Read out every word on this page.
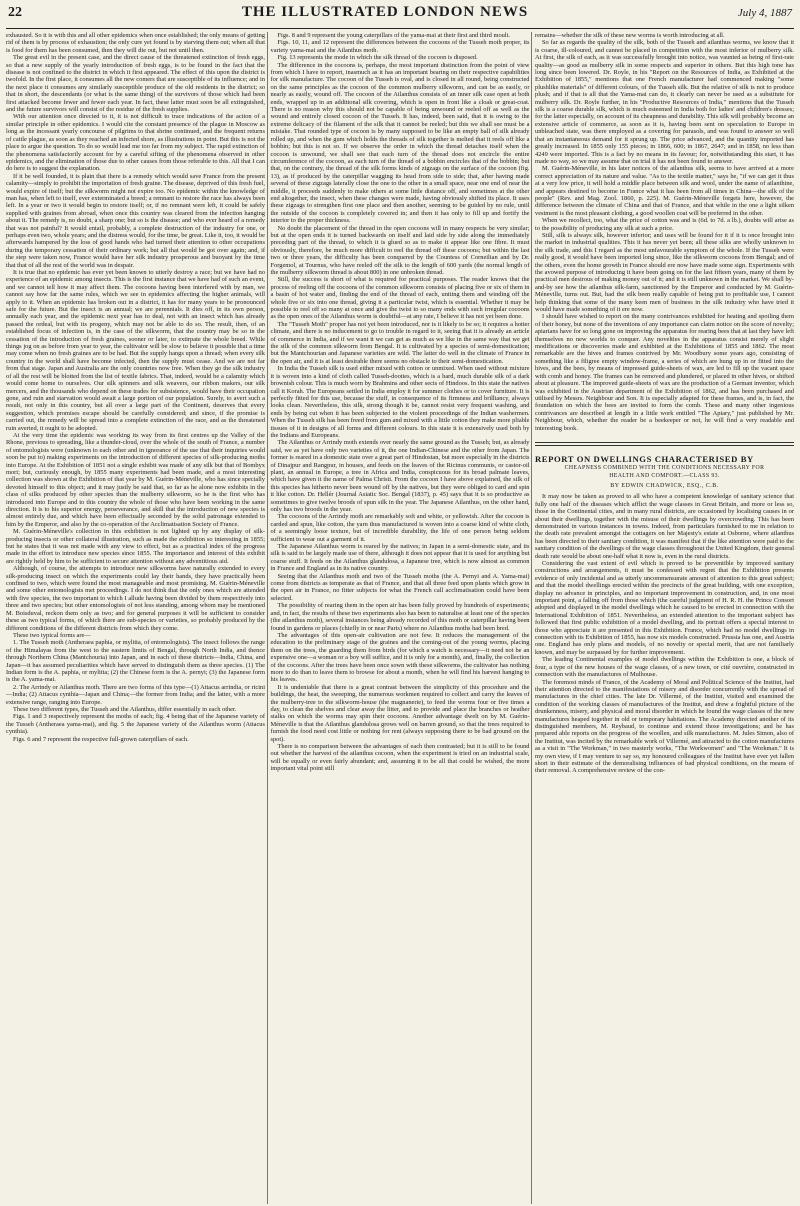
22	THE ILLUSTRATED LONDON NEWS	July 4, 1887

exhausted. So it is with this and all other epidemics when once established; the only means of getting rid of them is by process of exhaustion; the only cure yet found is by starving them out; when all that is food for them has been consumed, then they will die out, but not until then.

The great evil in the present case, and the direct cause of the threatened extinction of fresh eggs, so that a new supply of the yearly introduction of fresh eggs, is to be found in the fact that the disease is not confined to the district in which it first appeared. The effect of this upon the district is twofold. In the first place, it consumes all the new comers that are susceptible of its influence; and in the next place it consumes any similarly susceptible produce of the old residents in the district; so that in short, the descendants (or what is the same thing) of the survivors of those which had been first attacked become fewer and fewer each year. In fact, these latter must soon be all extinguished, and the future survivors will consist of the residue of the fresh supplies.

With our attention once directed to it, it is not difficult to trace indications of the action of a similar principle in other epidemics. I would cite the constant presence of the plague in Moscow as long as the incessant yearly concourse of pilgrims to that shrine continued, and the frequent returns of cattle plague, as soon as they reached an infected shore, as illustrations in point. But this is not the place to argue the question. To do so would lead me too far from my subject. The rapid extinction of the phenomena satisfactorily account for by a careful sifting of the phenomena observed in other epidemics, and the elimination of those due to other causes from those referable to this. All that I can do here is to suggest the explanation.

If it be well founded, it is plain that there is a remedy which would save France from the present calamity—simply to prohibit the importation of fresh graine. The disease, deprived of this fresh fuel, would expire of itself; but the silkworm might not expire too. No epidemic within the knowledge of man has, when left to itself, ever exterminated a breed; a remnant to restore the race has always been left. In a year or two it would begin to restore itself; or, if no remnant were left, it could be safely supplied with graines from abroad, when once this country was cleared from the infection hanging about it. The remedy is, no doubt, a sharp one; but so is the disease; and who ever heard of a remedy that was not painful? It would entail, probably, a complete destruction of the industry for one, or perhaps even two, whole years; and the distress would, for the time, be great. Like it, too, it would be afterwards hampered by the loss of good hands who had turned their attention to other occupations during the temporary cessation of their ordinary work; but all that would be got over again; and, if the step were taken now, France would have her silk industry prosperous and buoyant by the time that that of all the rest of the world was in despair.

It is true that no epidemic has ever yet been known to utterly destroy a race; but we have had no experience of an epidemic among insects. This is the first instance that we have had of such an event, and we cannot tell how it may affect them. The cocoons having been interfered with by man, we cannot say how far the same rules, which we see in epidemics affecting the higher animals, will apply to it. When an epidemic has broken out in a district, it has for many years to be pronounced safe for the future. But the insect is an annual; we are perennials. It dies off, in its own person, annually each year, and the epidemic next year has to deal, not with an insect which has already passed the ordeal, but with its progeny, which may not be able to do so. The result, then, of an established focus of infection is, in the case of the silkworm, that the country may be so in the cessation of the introduction of fresh graines, sooner or later, to extirpate the whole breed. While things jog on as before from year to year, the cultivator will be slow to believe it possible that a time may come when no fresh graines are to be had. But the supply hangs upon a thread; when every silk country in the world shall have become infected, then the supply must cease. And we are not far from that stage. Japan and Australia are the only countries now free. When they go the silk industry of all the rest will be blotted from the list of textile fabrics. That, indeed, would be a calamity which would come home to ourselves. Our silk spinners and silk weavers, our ribbon makers, our silk mercers, and the thousands who depend on these trades for subsistence, would have their occupation gone, and ruin and starvation would await a large portion of our population. Surely, to avert such a result, not only in this country, but all over a large part of the Continent, deserves that every suggestion, which promises escape should be carefully considered; and since, if the promise is carried out, the remedy will be spread into a complete extinction of the race, and as the threatened ruin averted, it ought to be adopted.

At the very time the epidemic was working its way from its first centres up the Valley of the Rhone, previous to spreading, like a thunder-cloud, over the whole of the south of France, a number of entomologists were (unknown to each other and in ignorance of the use that their inquiries would soon be put to) making experiments on the introduction of different species of silk-producing moths into Europe. At the Exhibition of 1851 not a single exhibit was made of any silk but that of Bombyx mori; but, curiously enough, by 1855 many experiments had been made, and a most interesting collection was shown at the Exhibition of that year by M. Guérin-Méneville, who has since specially devoted himself to this object; and it may justly be said that, so far as he alone now exhibits in the class of silks produced by other species than the mulberry silkworm, so he is the first who has introduced into Europe and to this country the whole of those who have been working in the same direction. It is to his superior energy, perseverance, and skill that the introduction of new species is almost entirely due, and which have been effectually seconded by the solid patronage extended to him by the Emperor, and also by the co-operation of the Acclimatisation Society of France.

M. Guérin-Méneville's collection in this exhibition is not lighted up by any display of silk-producing insects or other collateral illustration, such as made the exhibition so interesting in 1855; but he states that it was not made with any view to effect, but as a practical index of the progress made in the effort to introduce new species since 1855. The importance and interest of this exhibit are rightly held by him to be sufficient to secure attention without any adventitious aid.

Although, of course, the attempts to introduce new silkworms have naturally extended to every silk-producing insect on which the experiments could lay their hands, they have practically been confined to two, which were found the most manageable and most promising. M. Guérin-Méneville and some other entomologists met proceedings. I do not think that the only ones which are attended with five species, the two important to which I allude having been divided by them respectively into three and two species; but other entomologists of not less standing, among whom may be mentioned M. Boisduval, reckon them only as two; and for general purposes it will be sufficient to consider these as two typical forms, of which there are sub-species or varieties, so probably produced by the different conditions of the different districts from which they come.

These two typical forms are—

1. The Tusseh moth (Antheraea paphia, or mylitta, of entomologists). The insect follows the range of the Himalayas from the west to the eastern limits of Bengal, through North India, and thence through Northern China (Mantchouria) into Japan, and in each of these districts—India, China, and Japan—it has assumed peculiarities which have served to distinguish them as three species. (1) The Indian form is the A. paphia, or mylitta; (2) the Chinese form is the A. pernyi; (3) the Japanese form is the A. yama-mai.

2. The Arrindy or Ailanthus moth. There are two forms of this type—(1) Attacus arrindia, or ricini—India; (2) Attacus cynthia—Japan and China;—the former from India; and the latter, with a more extensive range, ranging into Europe.

These two different types, the Tusseh and the Ailanthus, differ essentially in each other.

Figs. 1 and 3 respectively represent the moths of each; fig. 4 being that of the Japanese variety of the Tusseh (Antheraea yama-mai), and fig. 5 the Japanese variety of the Ailanthus worm (Attacus cynthia).

Figs. 6 and 7 represent the respective full-grown caterpillars of each.

Figs. 8 and 9 represent the young caterpillars of the yama-mai at their first and third moult.

Figs. 10, 11, and 12 represent the differences between the cocoons of the Tusseh moth proper, its variety yama-mai and the Ailanthus moth.

Fig. 13 represents the mode in which the silk thread of the cocoon is disposed.

The difference in the cocoons is, perhaps, the most important distinction from the point of view from which I have to report, inasmuch as it has an important bearing on their respective capabilities for silk manufacture. The cocoon of the Tusseh is oval, and is closed in all round, being constructed on the same principles as the cocoon of the common mulberry silkworm, and can be as easily, or nearly as easily, wound off. The cocoon of the Ailanthus consists of an inner silk case open at both ends, wrapped up in an additional silk covering, which is open in front like a cloak or great-coat. There is no reason why this should not be capable of being unwound or reeled off as well as the wound and entirely closed cocoon of the Tusseh. It has, indeed, been said, that it is owing to the extreme delicacy of the filament of the silk that it cannot be reeled; but this we shall see must be a mistake. That rounded type of cocoon is by many supposed to be like an empty ball of silk already rolled up, and when the gum which holds the threads of silk together is melted that it reels off like a bobbin; but this is not so. If we observe the order in which the thread detaches itself when the cocoon is unwound, we shall see that each turn of the thread does not encircle the entire circumference of the cocoon, as each turn of the thread of a bobbin encircles that of the bobbin; but that, on the contrary, the thread of the silk forms kinds of zigzags on the surface of the cocoon (fig. 13), as if produced by the caterpillar wagging its head from side to side; that, after having made several of these zigzags laterally close the one to the other in a small space, near one end of near the middle, it proceeds suddenly to make others at some little distance off, and sometimes at the other end altogether, the insect, when these changes were made, having obviously shifted its place. It uses these zigzags to strengthen first one place and then another, seeming to be guided by no rule, until the outside of the cocoon is completely covered in; and then it has only to fill up and fortify the interior to the proper thickness.

No doubt the placement of the thread in the open cocoons will in many respects be very similar; but at the open ends it is turned backwards on itself and laid side by side along the immediately preceding part of the thread, to which it is glued so as to make it appear like one fibre. It must obviously, therefore, be much more difficult to reel the thread off these cocoons; but within the last two or three years, the difficulty has been conquered by the Countess of Corneilian and by Dr. Forgemol, at Tournus, who have reeled off the silk to the length of 600 yards (the normal length of the mulberry silkworm thread is about 800) in one unbroken thread.

Still, the success is short of what is required for practical purposes. The reader knows that the process of reeling off the cocoons of the common silkworm consists of placing five or six of them in a basin of hot water and, finding the end of the thread of each, uniting them and winding off the whole five or six into one thread, giving it a particular twist, which is essential. Whether it may be possible to reel off so many at once and give the twist to so many ends with such irregular cocoons as the open ones of the Ailanthus worm is doubtful—at any rate, I believe it has not yet been done.

The "Tusseh Moth" proper has not yet been introduced, nor is it likely to be so; it requires a hotter climate, and there is no inducement to go to trouble in regard to it, seeing that it is already an article of commerce in India, and if we want it we can get as much as we like in the same way that we get the silk of the common silkworm from Bengal. It is cultivated by a species of semi-domestication; but the Mantchourian and Japanese varieties are wild. The latter do well in the climate of France in the open air, and it is at least desirable there seems no obstacle to their semi-domestication.

In India the Tusseh silk is used either mixed with cotton or unmixed. When used without mixture it is woven into a kind of cloth called Tusseh-dooties, which is a hard, much durable silk of a dark brownish colour. This is much worn by Brahmins and other sects of Hindoos. In this state the natives call it Korah. The Europeans settled in India employ it for summer clothes or to cover furniture. It is perfectly fitted for this use, because the stuff, in consequence of its firmness and brilliancy, always looks clean. Nevertheless, this silk, strong though it be, cannot resist very frequent washing, and ends by being cut when it has been subjected to the violent proceedings of the Indian washermen. When the Tusseh silk has been freed from gum and mixed with a little cotton they make more pliable tissues of it in designs of all forms and different colours. In this state it is extensively used both by the Indians and Europeans.

The Ailanthus or Arrindy moth extends over nearly the same ground as the Tusseh; but, as already said, we as yet have only two varieties of it, the one Indian-Chinese and the other from Japan. The former is reared in a domestic state over a great part of Hindostan, but more especially in the districts of Dinajpur and Rangpur, in houses, and feeds on the leaves of the Ricinus communis, or castor-oil plant, an annual in Europe, a tree in Africa and India, conspicuous for its broad palmate leaves, which have given it the name of Palma Christi. From the cocoon I have above explained, the silk of this species has hitherto never been wound off by the natives, but they were obliged to card and spin it like cotton. Dr. Hellér (Journal Asiatic Soc. Bengal (1837), p. 45) says that it is so productive as sometimes to give twelve broods of spun silk in the year. The Japanese Ailanthus, on the other hand, only has two broods in the year.

The cocoons of the Arrindy moth are remarkably soft and white, or yellowish. After the cocoon is carded and spun, like cotton, the yarn thus manufactured is woven into a coarse kind of white cloth, of a seemingly loose texture, but of incredible durability, the life of one person being seldom sufficient to wear out a garment of it.

The Japanese Ailanthus worm is reared by the natives; in Japan in a semi-domestic state, and its silk is said to be largely made use of there, although it does not appear that it is used for anything but coarse stuff. It feeds on the Ailanthus glandulosa, a Japanese tree, which is now almost as common in France and England as in its native country.

Seeing that the Ailanthus moth and two of the Tusseh moths (the A. Pernyi and A. Yama-mai) come from districts as temperate as that of France, and that all three feed upon plants which grow in the open air in France, no fitter subjects for what the French call acclimatisation could have been selected.

The possibility of rearing them in the open air has been fully proved by hundreds of experiments; and, in fact, the results of these two experiments also has been to naturalise at least one of the species (the ailanthus moth), several instances being already recorded of this moth or caterpillar having been found in gardens or places (chiefly in or near Paris) where no Ailanthus moths had been bred.

The advantages of this open-air cultivation are not few. It reduces the management of the education to the preliminary stage of the graines and the coming-out of the young worms, placing them on the trees, the guarding them from birds (for which a watch is necessary—it need not be an expensive one—a woman or a boy will suffice, and it is only for a month), and, finally, the collection of the cocoons. After the trees have been once sown with these silkworms, the cultivator has nothing more to do than to leave them to browse for about a month, when he will find his harvest hanging to his leaves.

It is undeniable that there is a great contrast between the simplicity of this procedure and the buildings, the heat, the sweeping, the numerous workmen required to collect and carry the leaves of the mulberry-tree to the silkworm-house (the magnanerie), to feed the worms four or five times a day, to clean the shelves and clear away the litter, and to provide and place the branches or heather stalks on which the worms may spin their cocoons. Another advantage dwelt on by M. Guérin-Méneville is that the Ailanthus glandulosa grows well on barren ground, so that the trees required to furnish the food need cost little or nothing for rent (always supposing there to be bad ground on the spot).

There is no comparison between the advantages of each then contrasted; but it is still to be found out whether the harvest of the ailanthus cocoon, when the experiment is tried on an industrial scale, will be equally or even fairly abundant; and, assuming it to be all that could be wished, the more important vital point still

remains—whether the silk of these new worms is worth introducing at all.

So far as regards the quality of the silk, both of the Tusseh and ailanthus worms, we know that it is coarse, ill-coloured, and cannot be placed in competition with the most inferior of mulberry silk. At first, the silk of each, as it was successfully brought into notice, was vaunted as being of first-rate quality—as good as mulberry silk in some respects and superior in others. But this high tone has long since been lowered. Dr. Royle, in his "Report on the Resources of India, as Exhibited at the Exhibition of 1855," mentions that one French manufacturer had commenced making "some plushlike materials" of different colours, of the Tusseh silk. But the relative of silk is not to produce plush; and if that is all that the Yama-mai can do, it clearly can never be used as a substitute for mulberry silk. Dr. Royle further, in his "Productive Resources of India," mentions that the Tusseh silk is a coarse durable silk, which is much esteemed in India both for ladies' and children's dresses; for the latter especially, on account of its cheapness and durability. This silk will probably become an extensive article of commerce, as soon as it is, having been sent on speculation to Europe in unbleached state, was there employed as a covering for parasols, and was found to answer so well that an instantaneous demand for it sprung up. The price advanced, and the quantity imported has greatly increased. In 1855 only 155 pieces; in 1866, 600; in 1867, 2647; and in 1858, no less than 4249 were imported. This is a fact by no means in its favour; for, notwithstanding this start, it has made no way, so we may assume that on trial it has not been found to answer.

M. Guérin-Méneville, in his later notices of the ailanthus silk, seems to have arrived at a more correct appreciation of its nature and value. "As to the textile matter," says he, "if we can get it thus at a very low price, it will hold a middle place between silk and wool, under the name of ailanthine, and appears destined to become in France what it has been from all times in China—the silk of the people" (Rev. and Mag. Zool. 1860, p. 225). M. Guérin-Méneville forgets here, however, the difference between the climate of China and that of France, and that while in the one a light silken vestment is the most pleasant clothing, a good woollen coat will be preferred in the other.

When we recollect, too, what the price of cotton was and is (6d. to 7d. a lb.), doubts will arise as to the possibility of producing any silk at such a price.

Still, silk is always silk, however inferior; and uses will be found for it if it is once brought into the market in industrial qualities. This it has never yet been; all these silks are wholly unknown to the silk trade, and this I regard as the most unfavourable symptom of the whole. If the Tusseh were really good, it would have been imported long since, like the silkworm cocoons from Bengal; and of the others, even the home growth in France should ere now have made some sign. Experiments with the avowed purpose of introducing it have been going on for the last fifteen years, many of them by practical men desirous of making money out of it; and it is still unknown in the market. We shall by-and-by see how the ailanthus silk-farm, sanctioned by the Emperor and conducted by M. Guérin-Méneville, turns out. But, had the silk been really capable of being put to profitable use, I cannot help thinking that some of the many keen men of business in the silk industry who have tried it would have made something of it ere now.

I should have wished to report on the many contrivances exhibited for heating and spoiling them of their honey, but none of the inventions of any importance can claim notice on the score of novelty; apiarians have for so long gone on improving the apparatus for rearing bees that at last they have left themselves no new worlds to conquer. Any novelties in the apparatus consist merely of slight modifications or discoveries made and exhibited at the Exhibitions of 1855 and 1862. The most remarkable are the hives and frames contrived by Mr. Woodbury some years ago, consisting of something like a filigree empty window-frame, a series of which are hung up in or fitted into the hives, and the bees, by means of impressed guide-sheets of wax, are led to fill up the vacant space with comb and honey. The frames can be removed and plundered, or placed in other hives, or shifted about at pleasure. The improved guide-sheets of wax are the production of a German inventor, which was exhibited in the Austrian department of the Exhibition of 1862, and has been purchased and utilised by Messrs. Neighbour and Son. It is especially adapted for these frames, and is, in fact, the foundation on which the bees are invited to form the comb. These and many other ingenious contrivances are described at length in a little work entitled "The Apiary," just published by Mr. Neighbour, which, whether the reader be a beekeeper or not, he will find a very readable and interesting book.

REPORT ON DWELLINGS CHARACTERISED BY
CHEAPNESS COMBINED WITH THE CONDITIONS NECESSARY FOR
HEALTH AND COMFORT.—CLASS 93.
BY EDWIN CHADWICK, ESQ., C.B.

It may now be taken as proved to all who have a competent knowledge of sanitary science that fully one half of the diseases which afflict the wage classes in Great Britain, and more or less so, those in the Continental cities, and in many rural districts, are occasioned by localising causes in or about their dwellings, together with the misuse of their dwellings by overcrowding. This has been demonstrated in various instances in towns. Indeed, from particulars furnished to me in relation to the death rate prevalent amongst the cottagers on her Majesty's estate at Osborne, where ailanthus has been directed to their sanitary condition, it was manifest that if the like attention were paid to the sanitary condition of the dwellings of the wage classes throughout the United Kingdom, their general death rate would be about one-half what it now is, even in the rural districts.

Considering the vast extent of evil which is proved to be preventible by improved sanitary constructions and arrangements, it must be confessed with regret that the Exhibition presents evidence of only incidental and as utterly uncommensurate amount of attention to this great subject; and that the model dwellings erected within the precincts of the great building, with one exception, display no advance in principles, and no important improvement in construction, and, in one most important point, a falling off from those which (the careful judgment of H. R. H. the Prince Consort adopted and displayed in the model dwellings which he caused to be erected in connection with the International Exhibition of 1851. Nevertheless, an extended attention to the important subject has followed that first public exhibition of a model dwelling, and its portrait offers a special interest to those who appreciate it are presented in this Exhibition. France, which had no model dwellings in connection with its Exhibition of 1855, has now six models constructed. Prussia has one, and Austria one. England has only plans and models, of no novelty or special merit, that are not familiarly known, and may be surpassed by for further improvement.

The leading Continental examples of model dwellings within the Exhibition is one, a block of four, a type of the new houses of the wage classes, of a new town, or cité ouvrière, constructed in connection with the manufactures of Mulhouse.

The foremost minds of France, of the Academy of Moral and Political Science of the Institut, had their attention directed to the manifestations of misery and disorder concurrently with the spread of manufactures in the chief cities. The late Dr. Villermé, of the Institut, visited and examined the condition of the working classes of manufactures of the Institut, and drew a frightful picture of the drunkenness, misery, and physical and moral disorder in which he found the wage classes of the new manufactures heaped together in old or temporary habitations. The Academy directed another of its distinguished members, M. Reybaud, to continue and extend those investigations; and he has prepared able reports on the progress of the woollen, and silk manufactures. M. Jules Simon, also of the Institut, was incited by the remarkable work of Villermé, and attracted to the cotton manufactures as a visit in "The Workman," in two masterly works, "The Workwomen" and "The Workman." It is my own view, if I may venture to say so, my honoured colleagues of the Institut have ever yet fallen short in their estimate of the demoralising influences of bad physical conditions, on the means of their removal. A comprehensive review of the con-
